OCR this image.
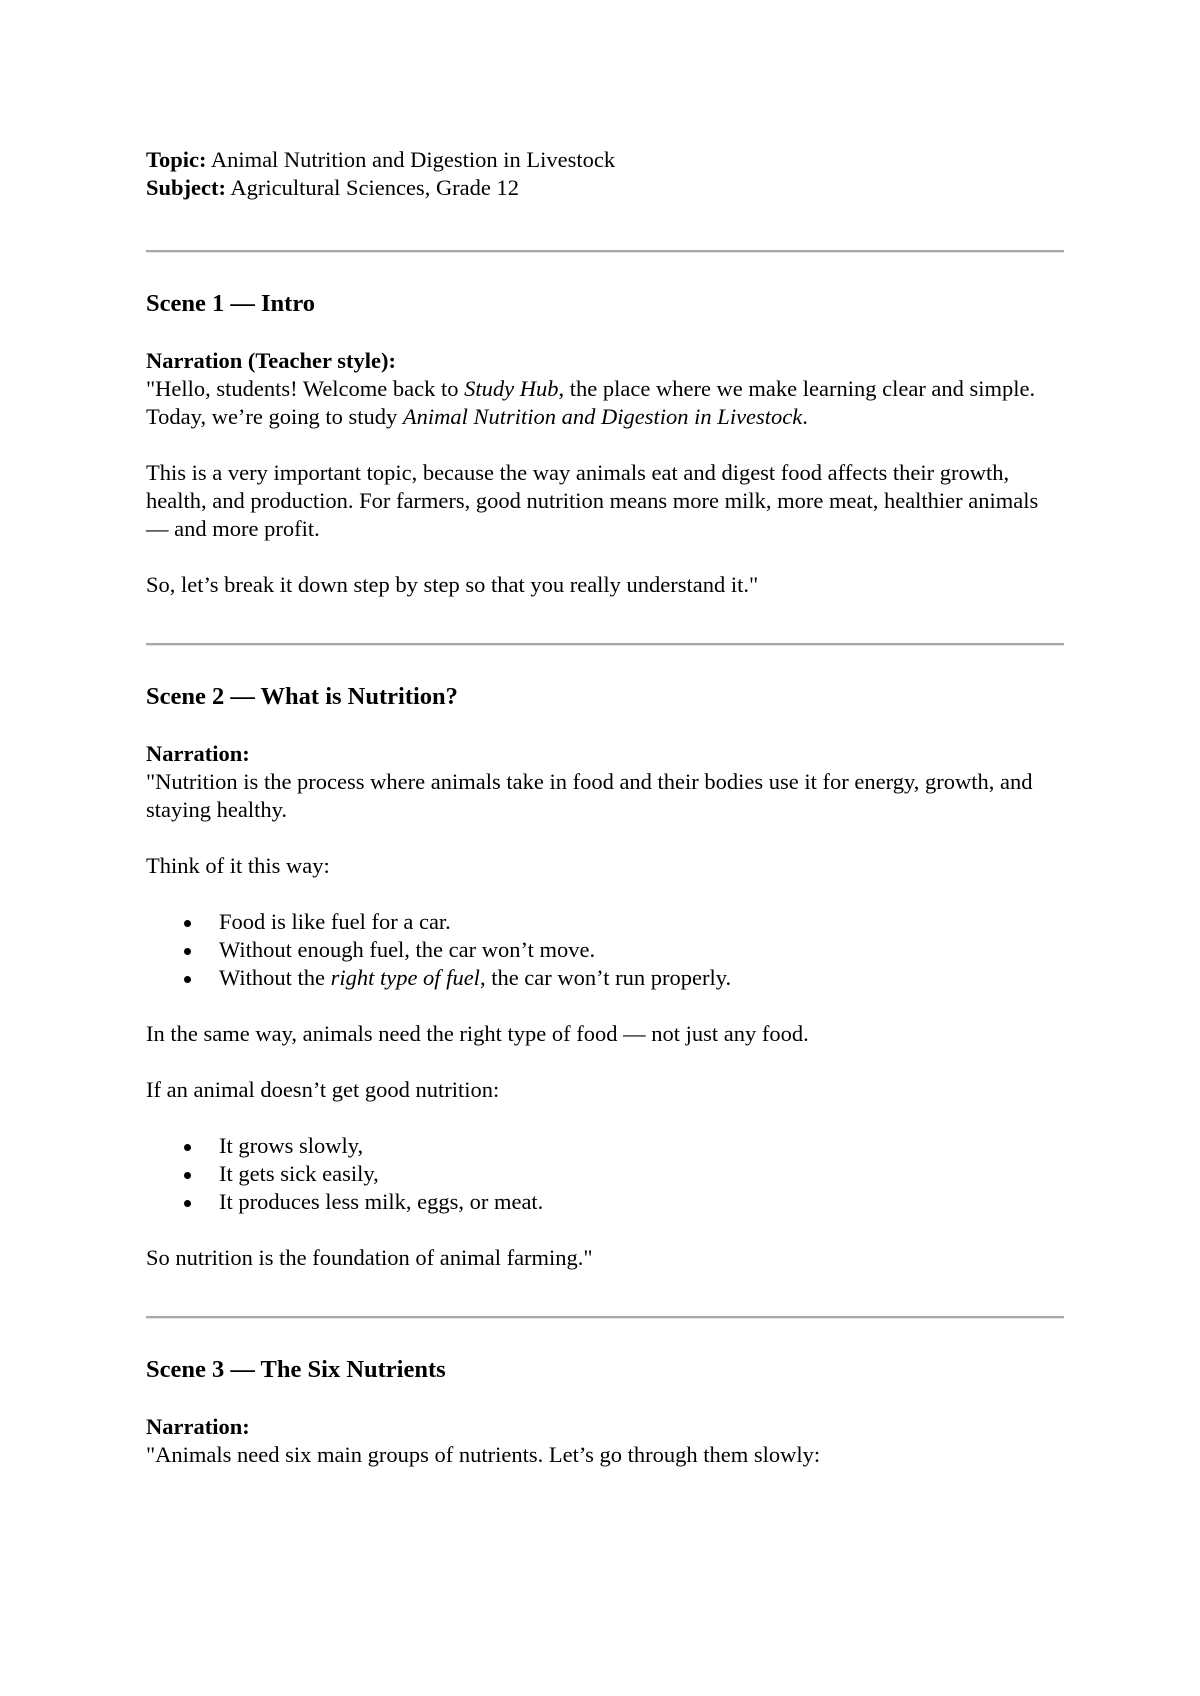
Topic: Animal Nutrition and Digestion in Livestock
Subject: Agricultural Sciences, Grade 12
Scene 1 — Intro
Narration (Teacher style):

"Hello, students! Welcome back to Study Hub, the place where we make learning clear and simple.

Today, we’re going to study Animal Nutrition and Digestion in Livestock.

This is a very important topic, because the way animals eat and digest food affects their growth, health, and production. For farmers, good nutrition means more milk, more meat, healthier animals — and more profit.

So, let’s break it down step by step so that you really understand it."

Scene 2 — What is Nutrition?
Narration:

"Nutrition is the process where animals take in food and their bodies use it for energy, growth, and staying healthy.

Think of it this way:

Food is like fuel for a car.
Without enough fuel, the car won’t move.
Without the right type of fuel, the car won’t run properly.

In the same way, animals need the right type of food — not just any food.

If an animal doesn’t get good nutrition:

It grows slowly,
It gets sick easily,
It produces less milk, eggs, or meat.

So nutrition is the foundation of animal farming."

Scene 3 — The Six Nutrients
Narration:

"Animals need six main groups of nutrients. Let’s go through them slowly:
